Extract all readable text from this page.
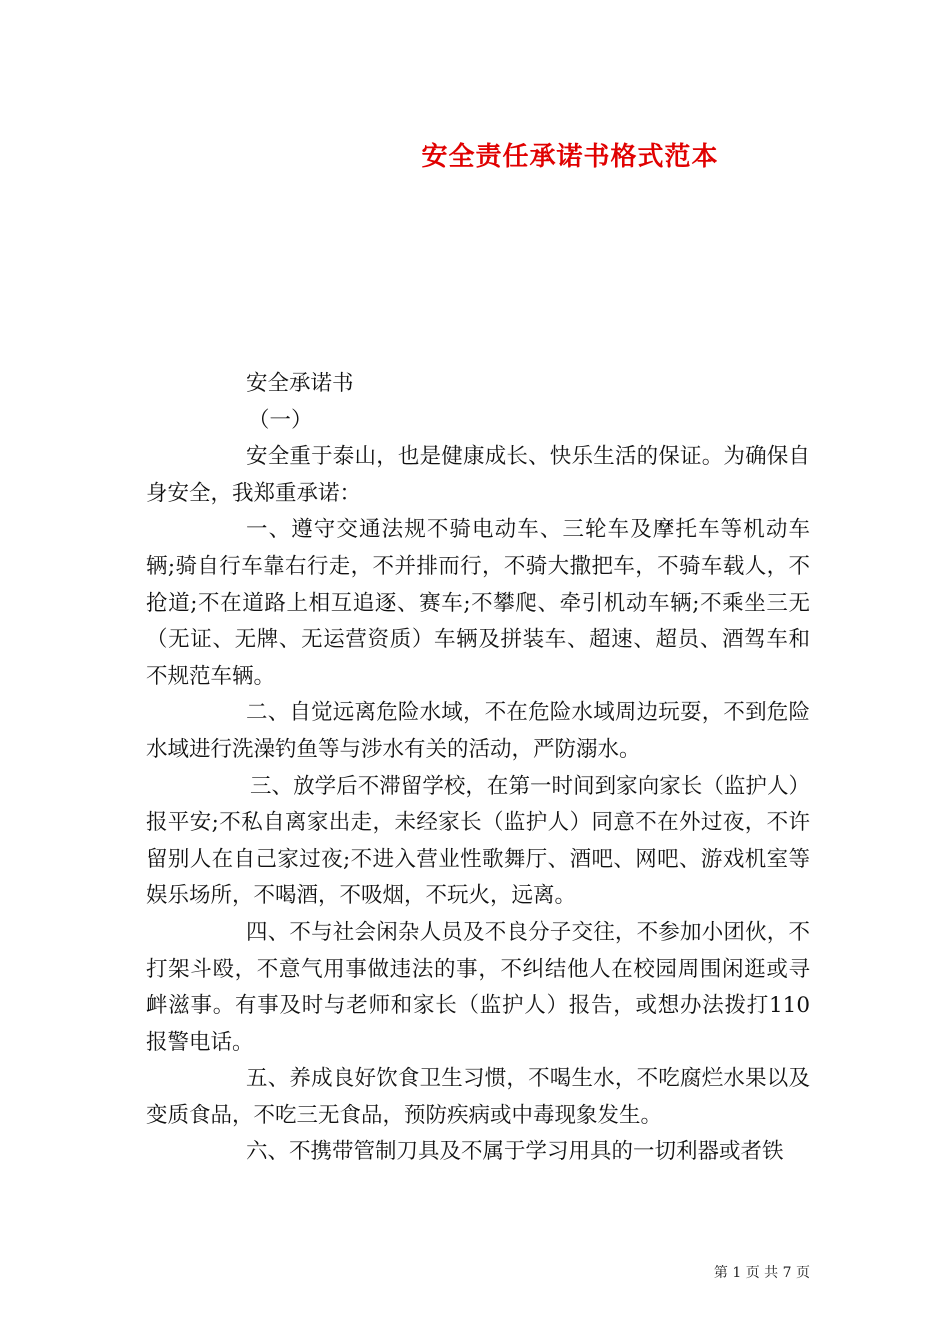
安全责任承诺书格式范本

安全承诺书

（一）

安全重于泰山，也是健康成长、快乐生活的保证。为确保自身安全，我郑重承诺：

一、遵守交通法规不骑电动车、三轮车及摩托车等机动车辆;骑自行车靠右行走，不并排而行，不骑大撒把车，不骑车载人，不抢道;不在道路上相互追逐、赛车;不攀爬、牵引机动车辆;不乘坐三无（无证、无牌、无运营资质）车辆及拼装车、超速、超员、酒驾车和不规范车辆。

二、自觉远离危险水域，不在危险水域周边玩耍，不到危险水域进行洗澡钓鱼等与涉水有关的活动，严防溺水。

三、放学后不滞留学校，在第一时间到家向家长（监护人）报平安;不私自离家出走，未经家长（监护人）同意不在外过夜，不许留别人在自己家过夜;不进入营业性歌舞厅、酒吧、网吧、游戏机室等娱乐场所，不喝酒，不吸烟，不玩火，远离。

四、不与社会闲杂人员及不良分子交往，不参加小团伙，不打架斗殴，不意气用事做违法的事，不纠结他人在校园周围闲逛或寻衅滋事。有事及时与老师和家长（监护人）报告，或想办法拨打110报警电话。

五、养成良好饮食卫生习惯，不喝生水，不吃腐烂水果以及变质食品，不吃三无食品，预防疾病或中毒现象发生。

六、不携带管制刀具及不属于学习用具的一切利器或者铁

第 1 页 共 7 页
